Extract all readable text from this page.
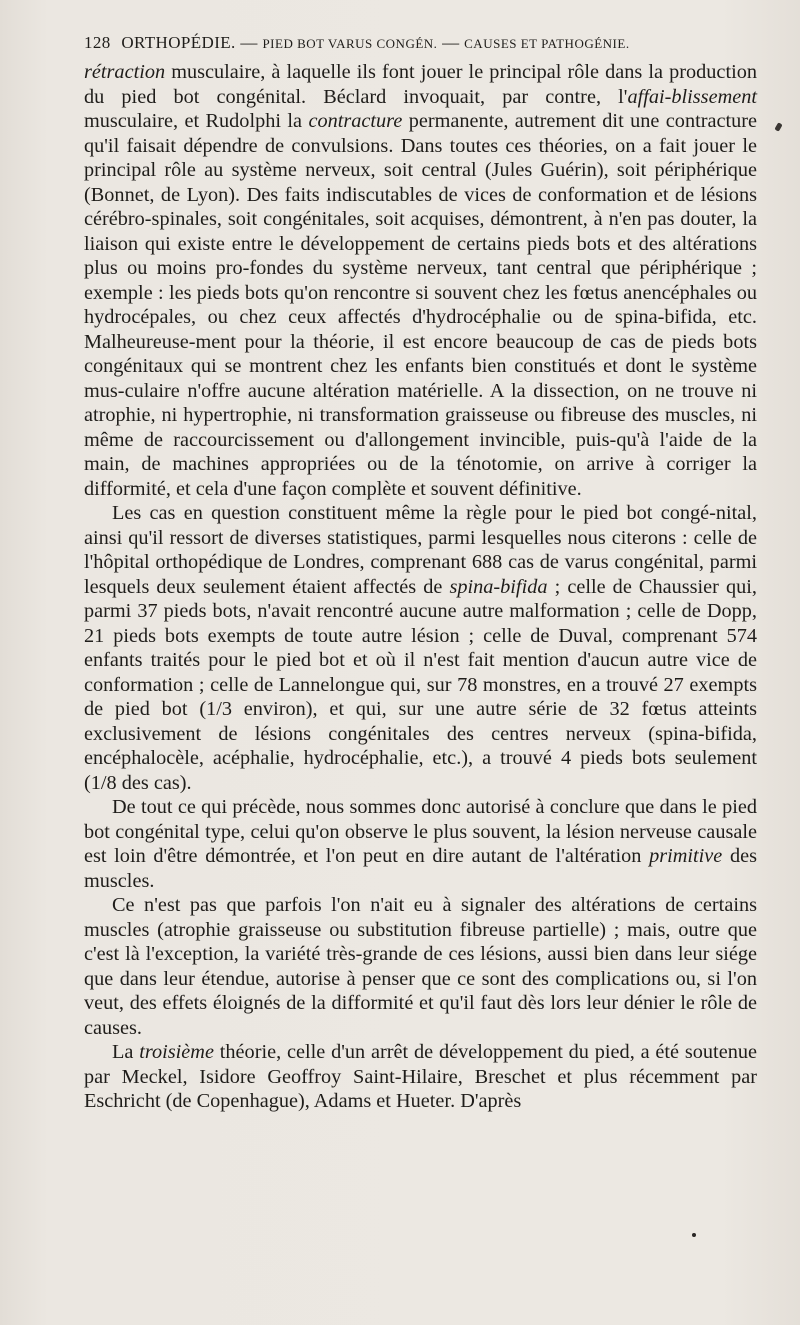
128 ORTHOPÉDIE. — PIED BOT VARUS CONGÉN. — CAUSES ET PATHOGÉNIE.

rétraction musculaire, à laquelle ils font jouer le principal rôle dans la production du pied bot congénital. Béclard invoquait, par contre, l'affai-blissement musculaire, et Rudolphi la contracture permanente, autrement dit une contracture qu'il faisait dépendre de convulsions. Dans toutes ces théories, on a fait jouer le principal rôle au système nerveux, soit central (Jules Guérin), soit périphérique (Bonnet, de Lyon). Des faits indiscutables de vices de conformation et de lésions cérébro-spinales, soit congénitales, soit acquises, démontrent, à n'en pas douter, la liaison qui existe entre le développement de certains pieds bots et des altérations plus ou moins pro-fondes du système nerveux, tant central que périphérique ; exemple : les pieds bots qu'on rencontre si souvent chez les fœtus anencéphales ou hydrocépales, ou chez ceux affectés d'hydrocéphalie ou de spina-bifida, etc. Malheureuse-ment pour la théorie, il est encore beaucoup de cas de pieds bots congénitaux qui se montrent chez les enfants bien constitués et dont le système mus-culaire n'offre aucune altération matérielle. A la dissection, on ne trouve ni atrophie, ni hypertrophie, ni transformation graisseuse ou fibreuse des muscles, ni même de raccourcissement ou d'allongement invincible, puis-qu'à l'aide de la main, de machines appropriées ou de la ténotomie, on arrive à corriger la difformité, et cela d'une façon complète et souvent définitive.

Les cas en question constituent même la règle pour le pied bot congé-nital, ainsi qu'il ressort de diverses statistiques, parmi lesquelles nous citerons : celle de l'hôpital orthopédique de Londres, comprenant 688 cas de varus congénital, parmi lesquels deux seulement étaient affectés de spina-bifida ; celle de Chaussier qui, parmi 37 pieds bots, n'avait rencontré aucune autre malformation ; celle de Dopp, 21 pieds bots exempts de toute autre lésion ; celle de Duval, comprenant 574 enfants traités pour le pied bot et où il n'est fait mention d'aucun autre vice de conformation ; celle de Lannelongue qui, sur 78 monstres, en a trouvé 27 exempts de pied bot (1/3 environ), et qui, sur une autre série de 32 fœtus atteints exclusivement de lésions congénitales des centres nerveux (spina-bifida, encéphalocèle, acéphalie, hydrocéphalie, etc.), a trouvé 4 pieds bots seulement (1/8 des cas).

De tout ce qui précède, nous sommes donc autorisé à conclure que dans le pied bot congénital type, celui qu'on observe le plus souvent, la lésion nerveuse causale est loin d'être démontrée, et l'on peut en dire autant de l'altération primitive des muscles.

Ce n'est pas que parfois l'on n'ait eu à signaler des altérations de certains muscles (atrophie graisseuse ou substitution fibreuse partielle) ; mais, outre que c'est là l'exception, la variété très-grande de ces lésions, aussi bien dans leur siége que dans leur étendue, autorise à penser que ce sont des complications ou, si l'on veut, des effets éloignés de la difformité et qu'il faut dès lors leur dénier le rôle de causes.

La troisième théorie, celle d'un arrêt de développement du pied, a été soutenue par Meckel, Isidore Geoffroy Saint-Hilaire, Breschet et plus récemment par Eschricht (de Copenhague), Adams et Hueter. D'après
